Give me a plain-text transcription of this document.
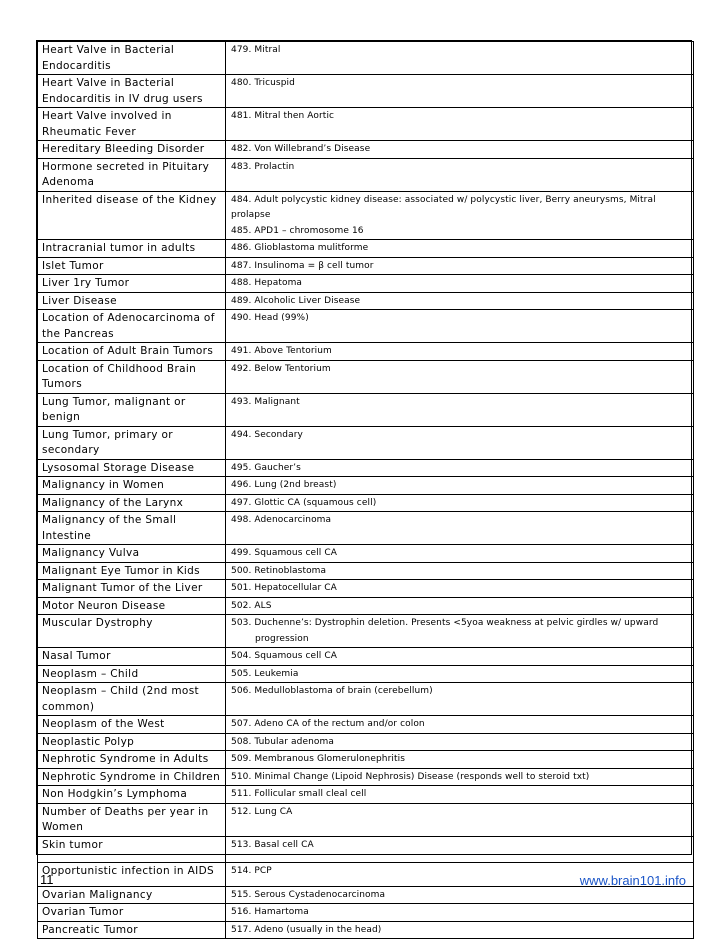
Heart Valve in Bacterial Endocarditis	479. Mitral

Heart Valve in Bacterial Endocarditis in IV drug users	480. Tricuspid

Heart Valve involved in Rheumatic Fever	481. Mitral then Aortic

Hereditary Bleeding Disorder	482. Von Willebrand’s Disease

Hormone secreted in Pituitary Adenoma	483. Prolactin

Inherited disease of the Kidney	484. Adult polycystic kidney disease: associated w/ polycystic liver, Berry aneurysms, Mitral prolapse
485. APD1 – chromosome 16

Intracranial tumor in adults	486. Glioblastoma mulitforme

Islet Tumor	487. Insulinoma = β cell tumor

Liver 1ry Tumor	488. Hepatoma

Liver Disease	489. Alcoholic Liver Disease

Location of Adenocarcinoma of the Pancreas	490. Head (99%)

Location of Adult Brain Tumors	491. Above Tentorium

Location of Childhood Brain Tumors	492. Below Tentorium

Lung Tumor, malignant or benign	493. Malignant

Lung Tumor, primary or secondary	494. Secondary

Lysosomal Storage Disease	495. Gaucher’s

Malignancy in Women	496. Lung (2nd breast)

Malignancy of the Larynx	497. Glottic CA (squamous cell)

Malignancy of the Small Intestine	498. Adenocarcinoma

Malignancy Vulva	499. Squamous cell CA

Malignant Eye Tumor in Kids	500. Retinoblastoma

Malignant Tumor of the Liver	501. Hepatocellular CA

Motor Neuron Disease	502. ALS

Muscular Dystrophy	503. Duchenne’s: Dystrophin deletion. Presents <5yoa weakness at pelvic girdles w/ upward
progression

Nasal Tumor	504. Squamous cell CA

Neoplasm – Child	505. Leukemia

Neoplasm – Child (2nd most common)	506. Medulloblastoma of brain (cerebellum)

Neoplasm of the West	507. Adeno CA of the rectum and/or colon

Neoplastic Polyp	508. Tubular adenoma

Nephrotic Syndrome in Adults	509. Membranous Glomerulonephritis

Nephrotic Syndrome in Children	510. Minimal Change (Lipoid Nephrosis) Disease (responds well to steroid txt)

Non Hodgkin’s Lymphoma	511. Follicular small cleal cell

Number of Deaths per year in Women	512. Lung CA

Skin tumor	513. Basal cell CA

Opportunistic infection in AIDS	514. PCP

Ovarian Malignancy	515. Serous Cystadenocarcinoma

Ovarian Tumor	516. Hamartoma

Pancreatic Tumor	517. Adeno (usually in the head)
11	www.brain101.info
